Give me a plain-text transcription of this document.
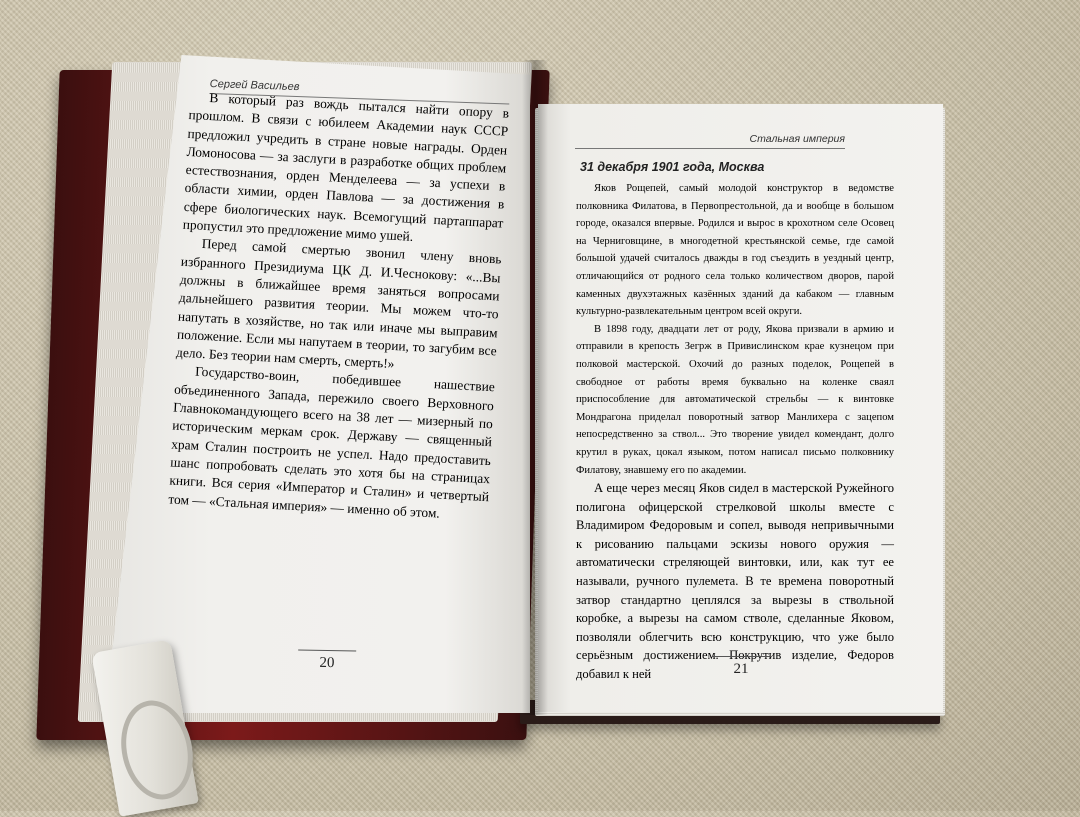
Сергей Васильев

В который раз вождь пытался найти опору в прошлом. В связи с юбилеем Академии наук СССР предложил учредить в стране новые награды. Орден Ломоносова — за заслуги в разработке общих проблем естествознания, орден Менделеева — за успехи в области химии, орден Павлова — за достижения в сфере биологических наук. Всемогущий партаппарат пропустил это предложение мимо ушей.

Перед самой смертью звонил члену вновь избранного Президиума ЦК Д. И.Чеснокову: «...Вы должны в ближайшее время заняться вопросами дальнейшего развития теории. Мы можем что-то напутать в хозяйстве, но так или иначе мы выправим положение. Если мы напутаем в теории, то загубим все дело. Без теории нам смерть, смерть!»

Государство-воин, победившее нашествие объединенного Запада, пережило своего Верховного Главнокомандующего всего на 38 лет — мизерный по историческим меркам срок. Державу — священный храм Сталин построить не успел. Надо предоставить шанс попробовать сделать это хотя бы на страницах книги. Вся серия «Император и Сталин» и четвертый том — «Стальная империя» — именно об этом.

20
Стальная империя
31 декабря 1901 года, Москва

Яков Рощепей, самый молодой конструктор в ведомстве полковника Филатова, в Первопрестольной, да и вообще в большом городе, оказался впервые. Родился и вырос в крохотном селе Осовец на Черниговщине, в многодетной крестьянской семье, где самой большой удачей считалось дважды в год съездить в уездный центр, отличающийся от родного села только количеством дворов, парой каменных двухэтажных казённых зданий да кабаком — главным культурно-развлекательным центром всей округи.

В 1898 году, двадцати лет от роду, Якова призвали в армию и отправили в крепость Зегрж в Привислинском крае кузнецом при полковой мастерской. Охочий до разных поделок, Рощепей в свободное от работы время буквально на коленке сваял приспособление для автоматической стрельбы — к винтовке Мондрагона приделал поворотный затвор Манлихера с зацепом непосредственно за ствол... Это творение увидел комендант, долго крутил в руках, цокал языком, потом написал письмо полковнику Филатову, знавшему его по академии.

А еще через месяц Яков сидел в мастерской Ружейного полигона офицерской стрелковой школы вместе с Владимиром Федоровым и сопел, выводя непривычными к рисованию пальцами эскизы нового оружия — автоматически стреляющей винтовки, или, как тут ее называли, ручного пулемета. В те времена поворотный затвор стандартно цеплялся за вырезы в ствольной коробке, а вырезы на самом стволе, сделанные Яковом, позволяли облегчить всю конструкцию, что уже было серьёзным достижением. Покрутив изделие, Федоров добавил к ней	21
